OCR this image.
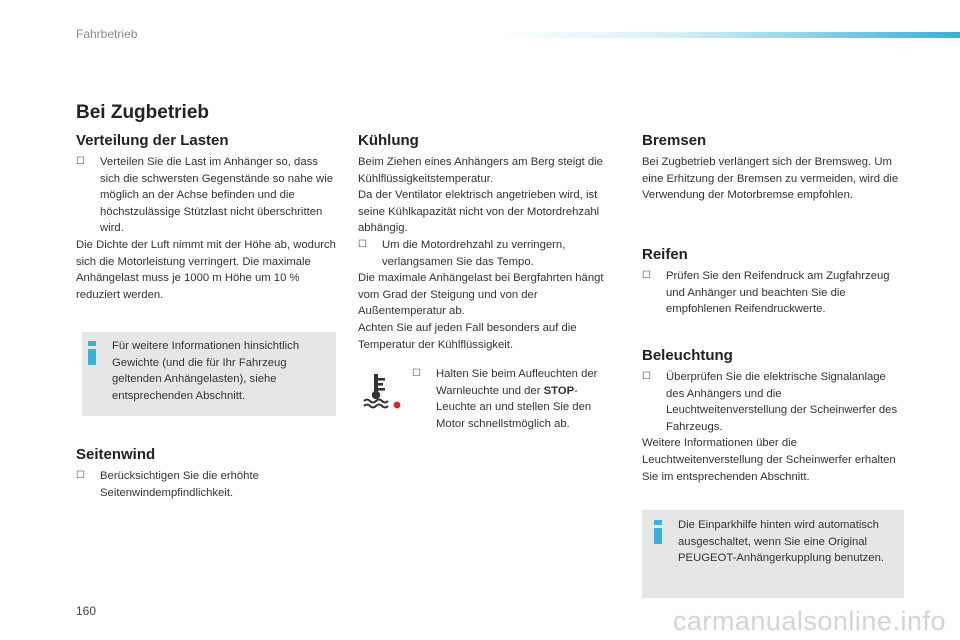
Fahrbetrieb
Bei Zugbetrieb
Verteilung der Lasten
☐ Verteilen Sie die Last im Anhänger so, dass sich die schwersten Gegenstände so nahe wie möglich an der Achse befinden und die höchstzulässige Stützlast nicht überschritten wird.

Die Dichte der Luft nimmt mit der Höhe ab, wodurch sich die Motorleistung verringert. Die maximale Anhängelast muss je 1000 m Höhe um 10 % reduziert werden.

Für weitere Informationen hinsichtlich Gewichte (und die für Ihr Fahrzeug geltenden Anhängelasten), siehe entsprechenden Abschnitt.
Seitenwind
☐ Berücksichtigen Sie die erhöhte Seitenwindempfindlichkeit.
Kühlung

Beim Ziehen eines Anhängers am Berg steigt die Kühlflüssigkeitstemperatur.

Da der Ventilator elektrisch angetrieben wird, ist seine Kühlkapazität nicht von der Motordrehzahl abhängig.

☐ Um die Motordrehzahl zu verringern, verlangsamen Sie das Tempo.

Die maximale Anhängelast bei Bergfahrten hängt vom Grad der Steigung und von der Außentemperatur ab.

Achten Sie auf jeden Fall besonders auf die Temperatur der Kühlflüssigkeit.

☐ Halten Sie beim Aufleuchten der Warnleuchte und der STOP-Leuchte an und stellen Sie den Motor schnellstmöglich ab.
Bremsen

Bei Zugbetrieb verlängert sich der Bremsweg. Um eine Erhitzung der Bremsen zu vermeiden, wird die Verwendung der Motorbremse empfohlen.

Reifen
☐ Prüfen Sie den Reifendruck am Zugfahrzeug und Anhänger und beachten Sie die empfohlenen Reifendruckwerte.
Beleuchtung
☐ Überprüfen Sie die elektrische Signalanlage des Anhängers und die Leuchtweitenverstellung der Scheinwerfer des Fahrzeugs.

Weitere Informationen über die Leuchtweitenverstellung der Scheinwerfer erhalten Sie im entsprechenden Abschnitt.

Die Einparkhilfe hinten wird automatisch ausgeschaltet, wenn Sie eine Original PEUGEOT-Anhängerkupplung benutzen.
160	carmanualsonline.info
